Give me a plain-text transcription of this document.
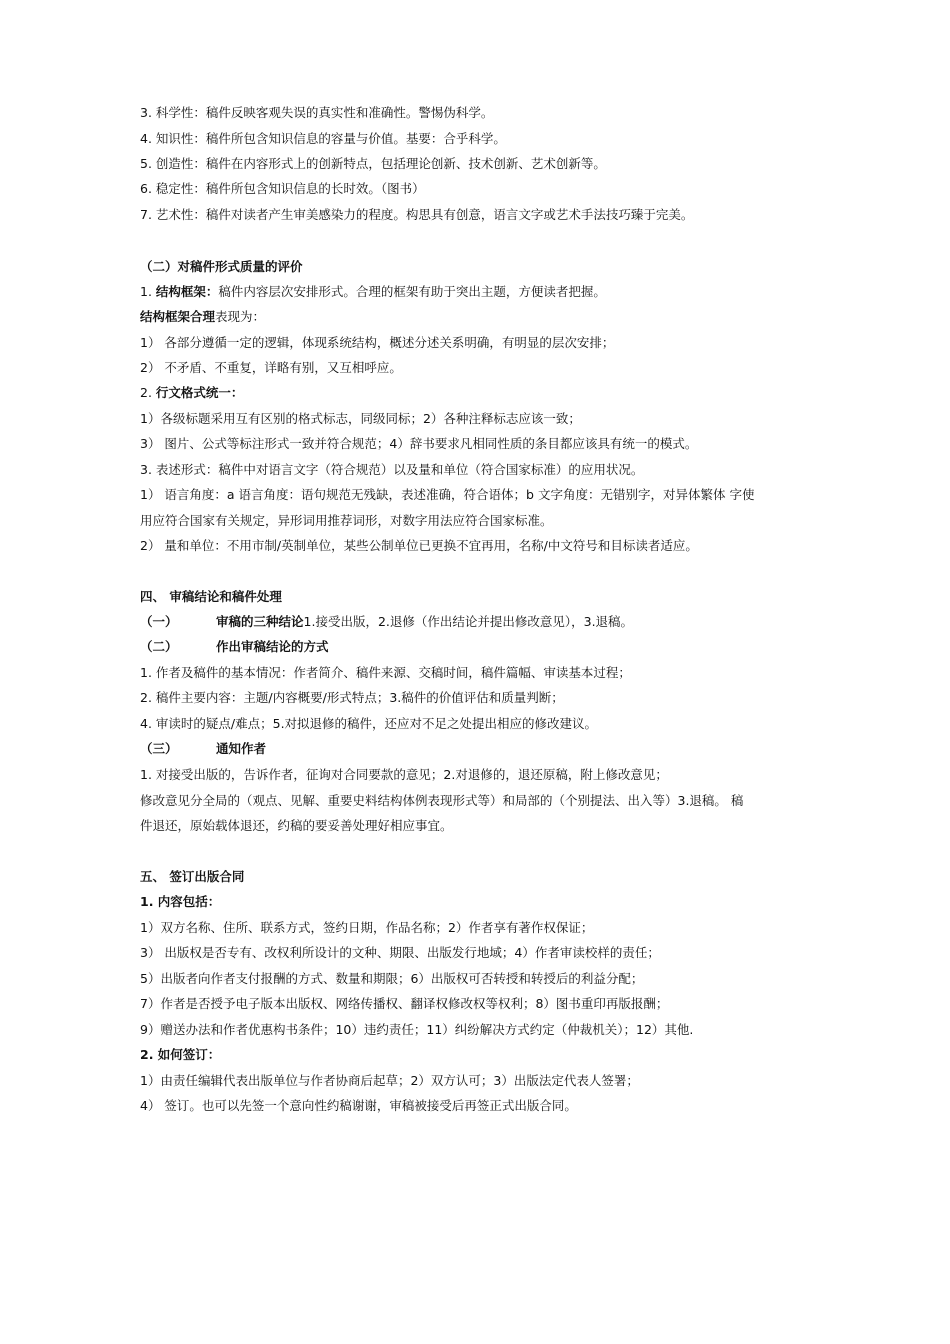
3. 科学性：稿件反映客观失误的真实性和准确性。警惕伪科学。
4. 知识性：稿件所包含知识信息的容量与价值。基要：合乎科学。
5. 创造性：稿件在内容形式上的创新特点，包括理论创新、技术创新、艺术创新等。
6. 稳定性：稿件所包含知识信息的长时效。（图书）
7. 艺术性：稿件对读者产生审美感染力的程度。构思具有创意，语言文字或艺术手法技巧臻于完美。
（二）对稿件形式质量的评价
1. 结构框架：稿件内容层次安排形式。合理的框架有助于突出主题，方便读者把握。
结构框架合理表现为：
1） 各部分遵循一定的逻辑，体现系统结构，概述分述关系明确，有明显的层次安排；
2） 不矛盾、不重复，详略有别，又互相呼应。
2. 行文格式统一：
1）各级标题采用互有区别的格式标志，同级同标；2）各种注释标志应该一致；
3） 图片、公式等标注形式一致并符合规范；4）辞书要求凡相同性质的条目都应该具有统一的模式。
3. 表述形式：稿件中对语言文字（符合规范）以及量和单位（符合国家标准）的应用状况。
1） 语言角度：a 语言角度：语句规范无残缺，表述准确，符合语体；b 文字角度：无错别字，对异体繁体 字使
用应符合国家有关规定，异形词用推荐词形，对数字用法应符合国家标准。
2） 量和单位：不用市制/英制单位，某些公制单位已更换不宜再用，名称/中文符号和目标读者适应。
四、 审稿结论和稿件处理
（一）	审稿的三种结论1.接受出版，2.退修（作出结论并提出修改意见），3.退稿。
（二）	作出审稿结论的方式
1. 作者及稿件的基本情况：作者简介、稿件来源、交稿时间，稿件篇幅、审读基本过程；
2. 稿件主要内容：主题/内容概要/形式特点；3.稿件的价值评估和质量判断；
4. 审读时的疑点/难点；5.对拟退修的稿件，还应对不足之处提出相应的修改建议。
（三）	通知作者
1. 对接受出版的，告诉作者，征询对合同要款的意见；2.对退修的，退还原稿，附上修改意见；
修改意见分全局的（观点、见解、重要史料结构体例表现形式等）和局部的（个别提法、出入等）3.退稿。 稿
件退还，原始载体退还，约稿的要妥善处理好相应事宜。
五、 签订出版合同
1. 内容包括：
1）双方名称、住所、联系方式，签约日期，作品名称；2）作者享有著作权保证；
3） 出版权是否专有、改权利所设计的文种、期限、出版发行地域；4）作者审读校样的责任；
5）出版者向作者支付报酬的方式、数量和期限；6）出版权可否转授和转授后的利益分配；
7）作者是否授予电子版本出版权、网络传播权、翻译权修改权等权利；8）图书重印再版报酬；
9）赠送办法和作者优惠构书条件；10）违约责任；11）纠纷解决方式约定（仲裁机关）；12）其他.
2. 如何签订：
1）由责任编辑代表出版单位与作者协商后起草；2）双方认可；3）出版法定代表人签署；
4） 签订。也可以先签一个意向性约稿谢谢，审稿被接受后再签正式出版合同。
